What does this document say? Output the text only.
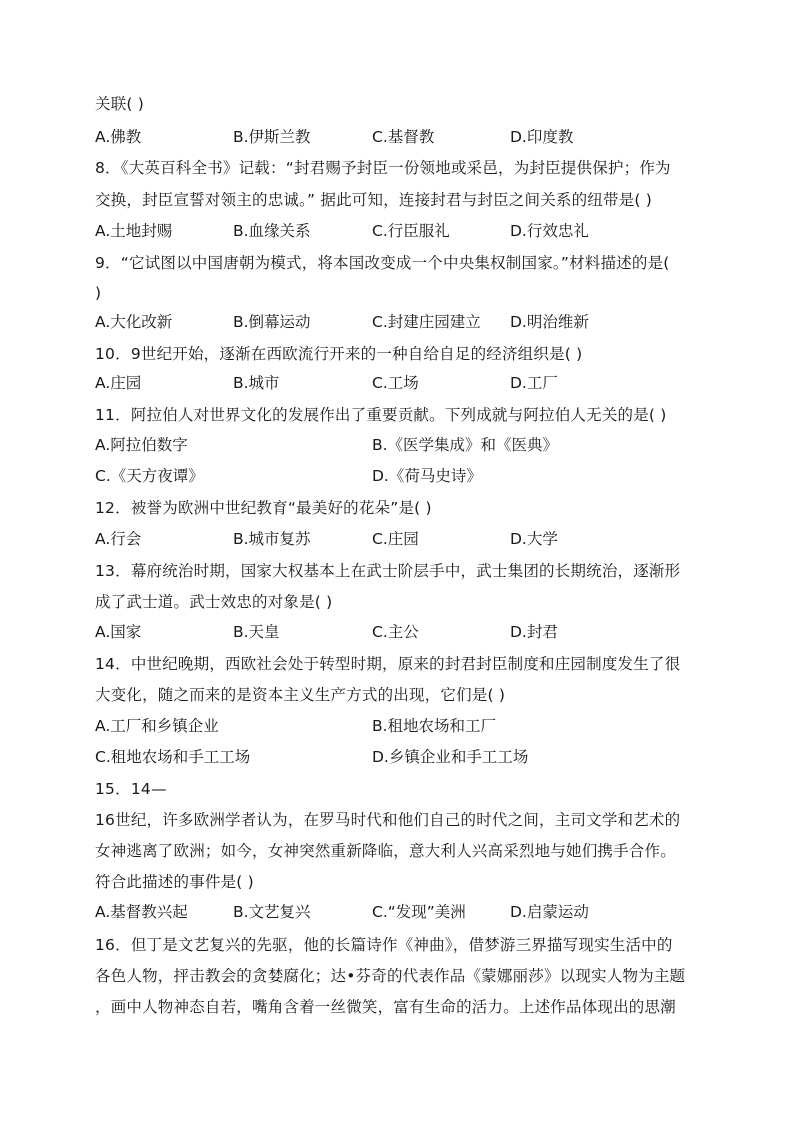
关联( )
A.佛教	B.伊斯兰教	C.基督教	D.印度教
8．《大英百科全书》记载：“封君赐予封臣一份领地或采邑，为封臣提供保护；作为
交换，封臣宣誓对领主的忠诚。” 据此可知，连接封君与封臣之间关系的纽带是( )
A.土地封赐	B.血缘关系	C.行臣服礼	D.行效忠礼
9．“它试图以中国唐朝为模式，将本国改变成一个中央集权制国家。”材料描述的是(
)
A.大化改新	B.倒幕运动	C.封建庄园建立 D.明治维新
10．9世纪开始，逐渐在西欧流行开来的一种自给自足的经济组织是( )
A.庄园	B.城市	C.工场	D.工厂
11．阿拉伯人对世界文化的发展作出了重要贡献。下列成就与阿拉伯人无关的是( )
A.阿拉伯数字	B.《医学集成》和《医典》
C.《天方夜谭》	D.《荷马史诗》
12．被誉为欧洲中世纪教育“最美好的花朵”是( )
A.行会	B.城市复苏	C.庄园	D.大学
13．幕府统治时期，国家大权基本上在武士阶层手中，武士集团的长期统治，逐渐形
成了武士道。武士效忠的对象是( )
A.国家	B.天皇	C.主公	D.封君
14．中世纪晚期，西欧社会处于转型时期，原来的封君封臣制度和庄园制度发生了很
大变化，随之而来的是资本主义生产方式的出现，它们是( )
A.工厂和乡镇企业	B.租地农场和工厂
C.租地农场和手工工场	D.乡镇企业和手工工场
15．14—
16世纪，许多欧洲学者认为，在罗马时代和他们自己的时代之间，主司文学和艺术的
女神逃离了欧洲；如今，女神突然重新降临，意大利人兴高采烈地与她们携手合作。
符合此描述的事件是( )
A.基督教兴起	B.文艺复兴	C.“发现”美洲	D.启蒙运动
16．但丁是文艺复兴的先驱，他的长篇诗作《神曲》，借梦游三界描写现实生活中的
各色人物，抨击教会的贪婪腐化；达•芬奇的代表作品《蒙娜丽莎》以现实人物为主题
，画中人物神态自若，嘴角含着一丝微笑，富有生命的活力。上述作品体现出的思潮
